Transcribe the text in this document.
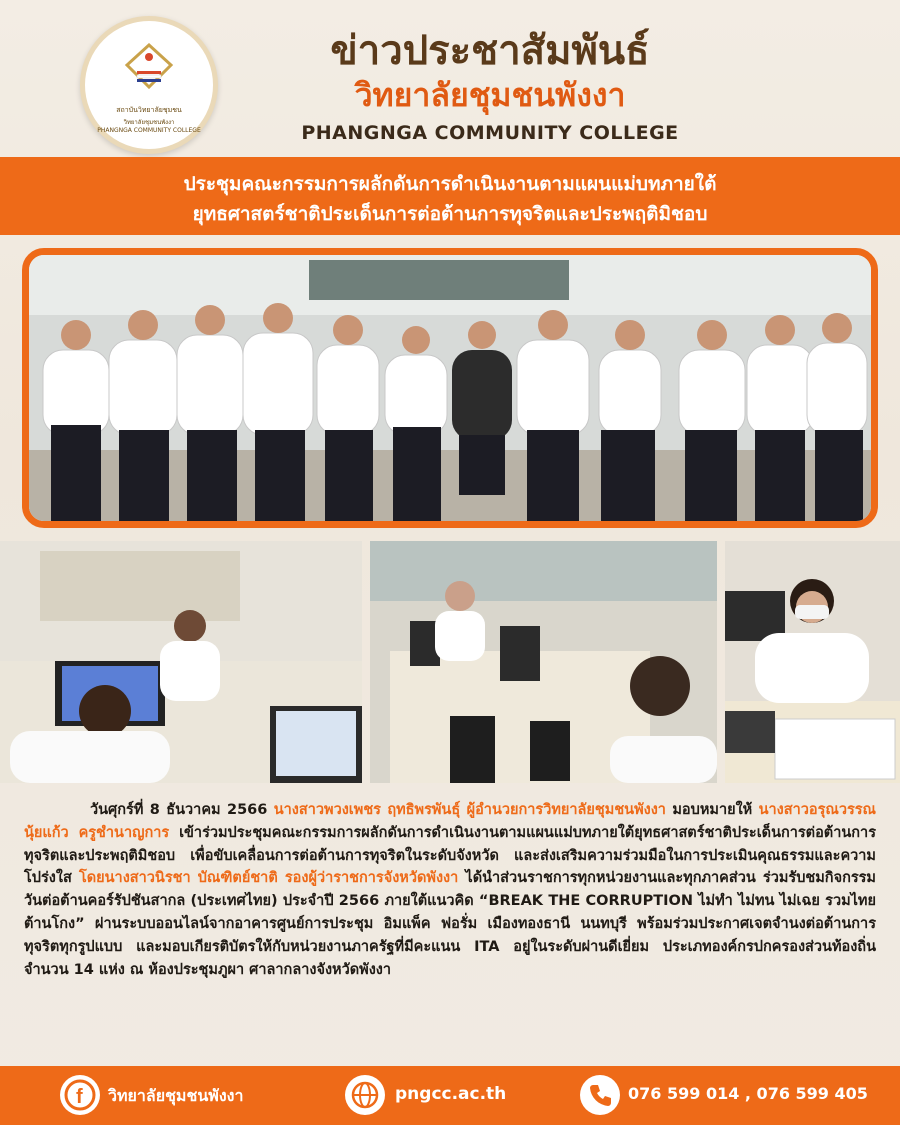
สถาบันวิทยาลัยชุมชน
วิทยาลัยชุมชนพังงา
PHANGNGA COMMUNITY COLLEGE
ข่าวประชาสัมพันธ์
วิทยาลัยชุมชนพังงา
PHANGNGA COMMUNITY COLLEGE
ประชุมคณะกรรมการผลักดันการดำเนินงานตามแผนแม่บทภายใต้
ยุทธศาสตร์ชาติประเด็นการต่อต้านการทุจริตและประพฤติมิชอบ
วันศุกร์ที่ 8 ธันวาคม 2566 นางสาวพวงเพชร ฤทธิพรพันธุ์ ผู้อำนวยการวิทยาลัยชุมชนพังงา มอบหมายให้ นางสาวอรุณวรรณ นุ้ยแก้ว ครูชำนาญการ เข้าร่วมประชุมคณะกรรมการผลักดันการดำเนินงานตามแผนแม่บทภายใต้ยุทธศาสตร์ชาติประเด็นการต่อต้านการทุจริตและประพฤติมิชอบ เพื่อขับเคลื่อนการต่อต้านการทุจริตในระดับจังหวัด และส่งเสริมความร่วมมือในการประเมินคุณธรรมและความโปร่งใส โดยนางสาวนิรชา บัณฑิตย์ชาติ รองผู้ว่าราชการจังหวัดพังงา ได้นำส่วนราชการทุกหน่วยงานและทุกภาคส่วน ร่วมรับชมกิจกรรมวันต่อต้านคอร์รัปชันสากล (ประเทศไทย) ประจำปี 2566 ภายใต้แนวคิด “BREAK THE CORRUPTION ไม่ทำ ไม่ทน ไม่เฉย รวมไทยต้านโกง” ผ่านระบบออนไลน์จากอาคารศูนย์การประชุม อิมแพ็ค ฟอรั่ม เมืองทองธานี นนทบุรี พร้อมร่วมประกาศเจตจำนงต่อต้านการทุจริตทุกรูปแบบ และมอบเกียรติบัตรให้กับหน่วยงานภาครัฐที่มีคะแนน ITA อยู่ในระดับผ่านดีเยี่ยม ประเภทองค์กรปกครองส่วนท้องถิ่น จำนวน 14 แห่ง ณ ห้องประชุมภูผา ศาลากลางจังหวัดพังงา
f วิทยาลัยชุมชนพังงา	pngcc.ac.th	076 599 014 , 076 599 405
